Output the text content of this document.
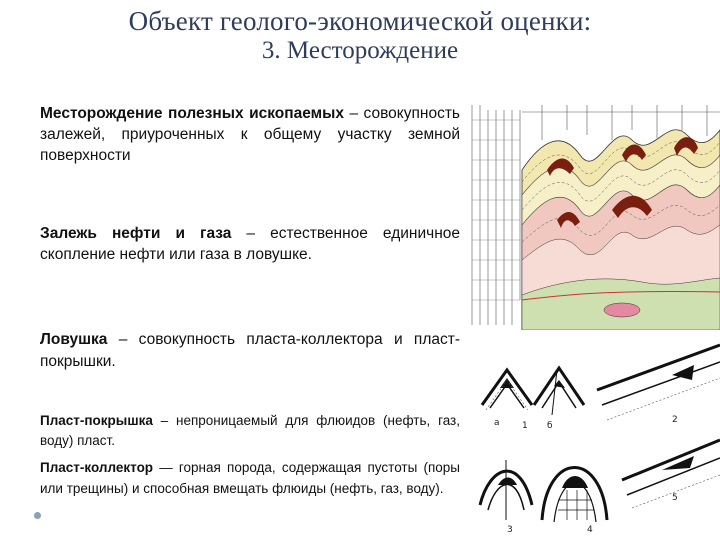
Объект геолого-экономической оценки:
3. Месторождение
Месторождение полезных ископаемых – совокупность залежей, приуроченных к общему участку земной поверхности
Залежь нефти и газа – естественное единичное скопление нефти или газа в ловушке.
Ловушка – совокупность пласта-коллектора и пласт-покрышки.
Пласт-покрышка – непроницаемый для флюидов (нефть, газ, воду) пласт.
Пласт-коллектор — горная порода, содержащая пустоты (поры или трещины) и способная вмещать флюиды (нефть, газ, воду).
a	б
1
2
3	4
5
